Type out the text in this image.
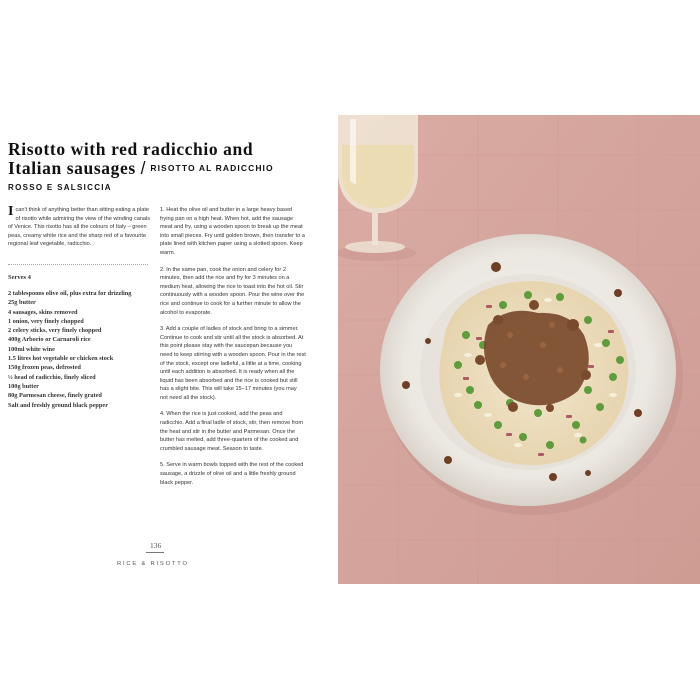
Risotto with red radicchio and
Italian sausages / RISOTTO AL RADICCHIO

ROSSO E SALSICCIA

I can't think of anything better than sitting eating a plate of risotto while admiring the view of the winding canals of Venice. This risotto has all the colours of Italy – green peas, creamy white rice and the sharp red of a favourite regional leaf vegetable, radicchio.

Serves 4

2 tablespoons olive oil, plus extra for drizzling
25g butter
4 sausages, skins removed
1 onion, very finely chopped
2 celery sticks, very finely chopped
400g Arborio or Carnaroli rice
100ml white wine
1.5 litres hot vegetable or chicken stock
150g frozen peas, defrosted
½ head of radicchio, finely sliced
100g butter
80g Parmesan cheese, finely grated
Salt and freshly ground black pepper

1. Heat the olive oil and butter in a large heavy based frying pan on a high heat. When hot, add the sausage meat and fry, using a wooden spoon to break up the meat into small pieces. Fry until golden brown, then transfer to a plate lined with kitchen paper using a slotted spoon. Keep warm.

2. In the same pan, cook the onion and celery for 2 minutes, then add the rice and fry for 3 minutes on a medium heat, allowing the rice to toast into the hot oil. Stir continuously with a wooden spoon. Pour the wine over the rice and continue to cook for a further minute to allow the alcohol to evaporate.

3. Add a couple of ladles of stock and bring to a simmer. Continue to cook and stir until all the stock is absorbed. At this point please stay with the saucepan because you need to keep stirring with a wooden spoon. Pour in the rest of the stock, except one ladleful, a little at a time, cooking until each addition is absorbed. It is ready when all the liquid has been absorbed and the rice is cooked but still has a slight bite. This will take 15–17 minutes (you may not need all the stock).

4. When the rice is just cooked, add the peas and radicchio. Add a final ladle of stock, stir, then remove from the heat and stir in the butter and Parmesan. Once the butter has melted, add three-quarters of the cooked and crumbled sausage meat. Season to taste.

5. Serve in warm bowls topped with the rest of the cooked sausage, a drizzle of olive oil and a little freshly ground black pepper.

136

RICE & RISOTTO
